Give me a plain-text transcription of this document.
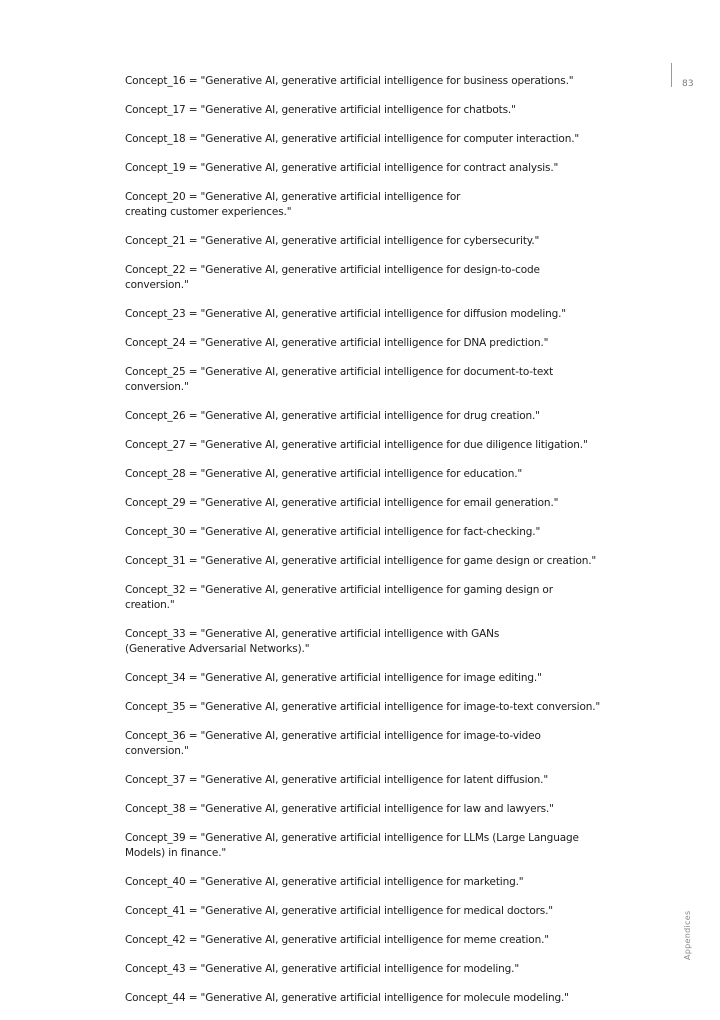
83
Concept_16 = "Generative AI, generative artificial intelligence for business operations."
Concept_17 = "Generative AI, generative artificial intelligence for chatbots."
Concept_18 = "Generative AI, generative artificial intelligence for computer interaction."
Concept_19 = "Generative AI, generative artificial intelligence for contract analysis."
Concept_20 = "Generative AI, generative artificial intelligence for creating customer experiences."
Concept_21 = "Generative AI, generative artificial intelligence for cybersecurity."
Concept_22 = "Generative AI, generative artificial intelligence for design-to-code conversion."
Concept_23 = "Generative AI, generative artificial intelligence for diffusion modeling."
Concept_24 = "Generative AI, generative artificial intelligence for DNA prediction."
Concept_25 = "Generative AI, generative artificial intelligence for document-to-text conversion."
Concept_26 = "Generative AI, generative artificial intelligence for drug creation."
Concept_27 = "Generative AI, generative artificial intelligence for due diligence litigation."
Concept_28 = "Generative AI, generative artificial intelligence for education."
Concept_29 = "Generative AI, generative artificial intelligence for email generation."
Concept_30 = "Generative AI, generative artificial intelligence for fact-checking."
Concept_31 = "Generative AI, generative artificial intelligence for game design or creation."
Concept_32 = "Generative AI, generative artificial intelligence for gaming design or creation."
Concept_33 = "Generative AI, generative artificial intelligence with GANs (Generative Adversarial Networks)."
Concept_34 = "Generative AI, generative artificial intelligence for image editing."
Concept_35 = "Generative AI, generative artificial intelligence for image-to-text conversion."
Concept_36 = "Generative AI, generative artificial intelligence for image-to-video conversion."
Concept_37 = "Generative AI, generative artificial intelligence for latent diffusion."
Concept_38 = "Generative AI, generative artificial intelligence for law and lawyers."
Concept_39 = "Generative AI, generative artificial intelligence for LLMs (Large Language Models) in finance."
Concept_40 = "Generative AI, generative artificial intelligence for marketing."
Concept_41 = "Generative AI, generative artificial intelligence for medical doctors."
Concept_42 = "Generative AI, generative artificial intelligence for meme creation."
Concept_43 = "Generative AI, generative artificial intelligence for modeling."
Concept_44 = "Generative AI, generative artificial intelligence for molecule modeling."
Appendices
